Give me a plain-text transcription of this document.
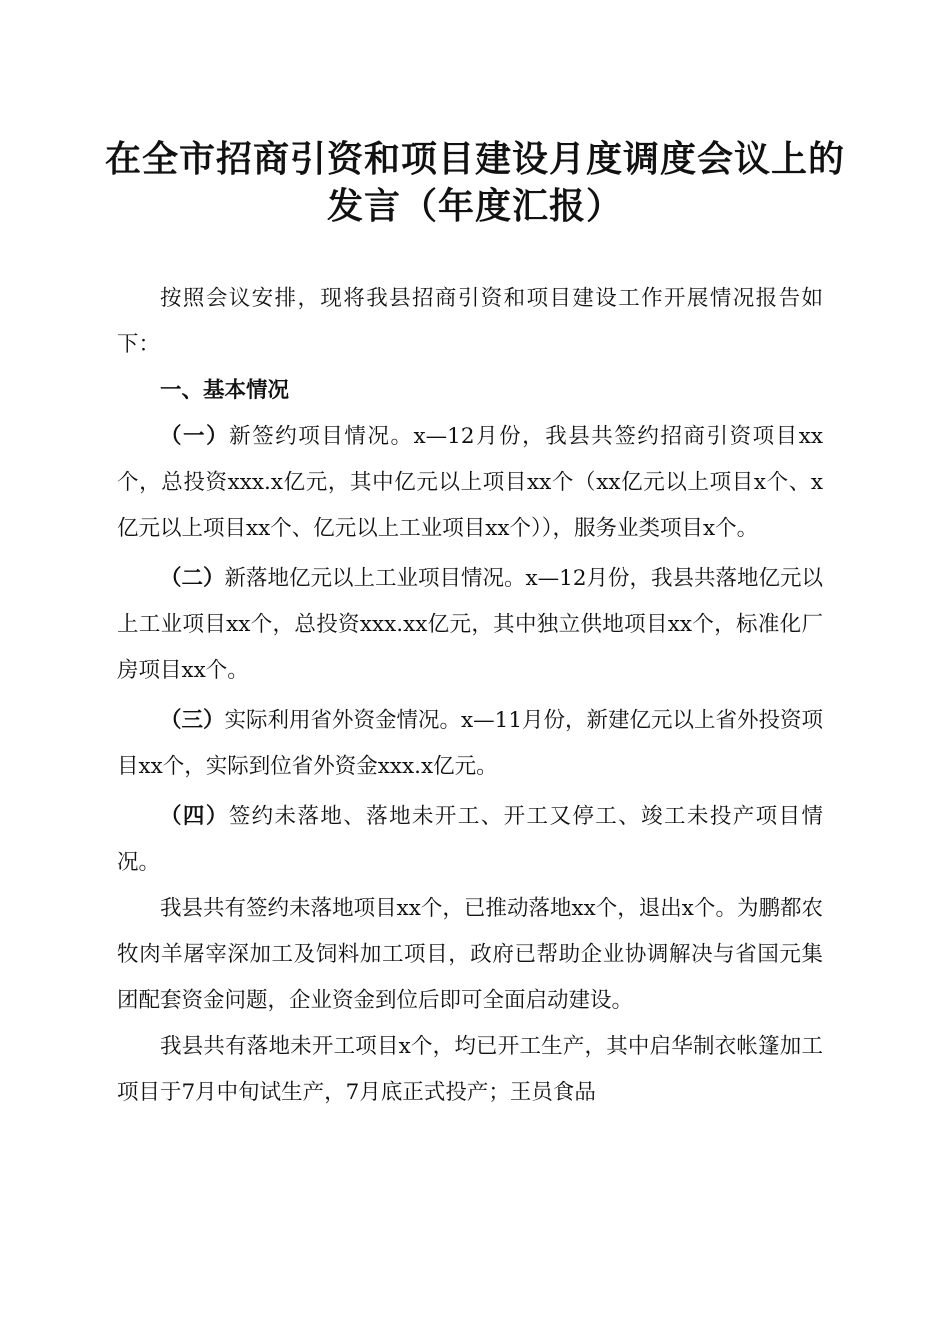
在全市招商引资和项目建设月度调度会议上的
发言（年度汇报）

按照会议安排，现将我县招商引资和项目建设工作开展情况报告如下：

一、基本情况

（一）新签约项目情况。x—12月份，我县共签约招商引资项目xx个，总投资xxx.x亿元，其中亿元以上项目xx个（xx亿元以上项目x个、x亿元以上项目xx个、亿元以上工业项目xx个）），服务业类项目x个。

（二）新落地亿元以上工业项目情况。x—12月份，我县共落地亿元以上工业项目xx个，总投资xxx.xx亿元，其中独立供地项目xx个，标准化厂房项目xx个。

（三）实际利用省外资金情况。x—11月份，新建亿元以上省外投资项目xx个，实际到位省外资金xxx.x亿元。

（四）签约未落地、落地未开工、开工又停工、竣工未投产项目情况。

我县共有签约未落地项目xx个，已推动落地xx个，退出x个。为鹏都农牧肉羊屠宰深加工及饲料加工项目，政府已帮助企业协调解决与省国元集团配套资金问题，企业资金到位后即可全面启动建设。

我县共有落地未开工项目x个，均已开工生产，其中启华制衣帐篷加工项目于7月中旬试生产，7月底正式投产；王员食品
